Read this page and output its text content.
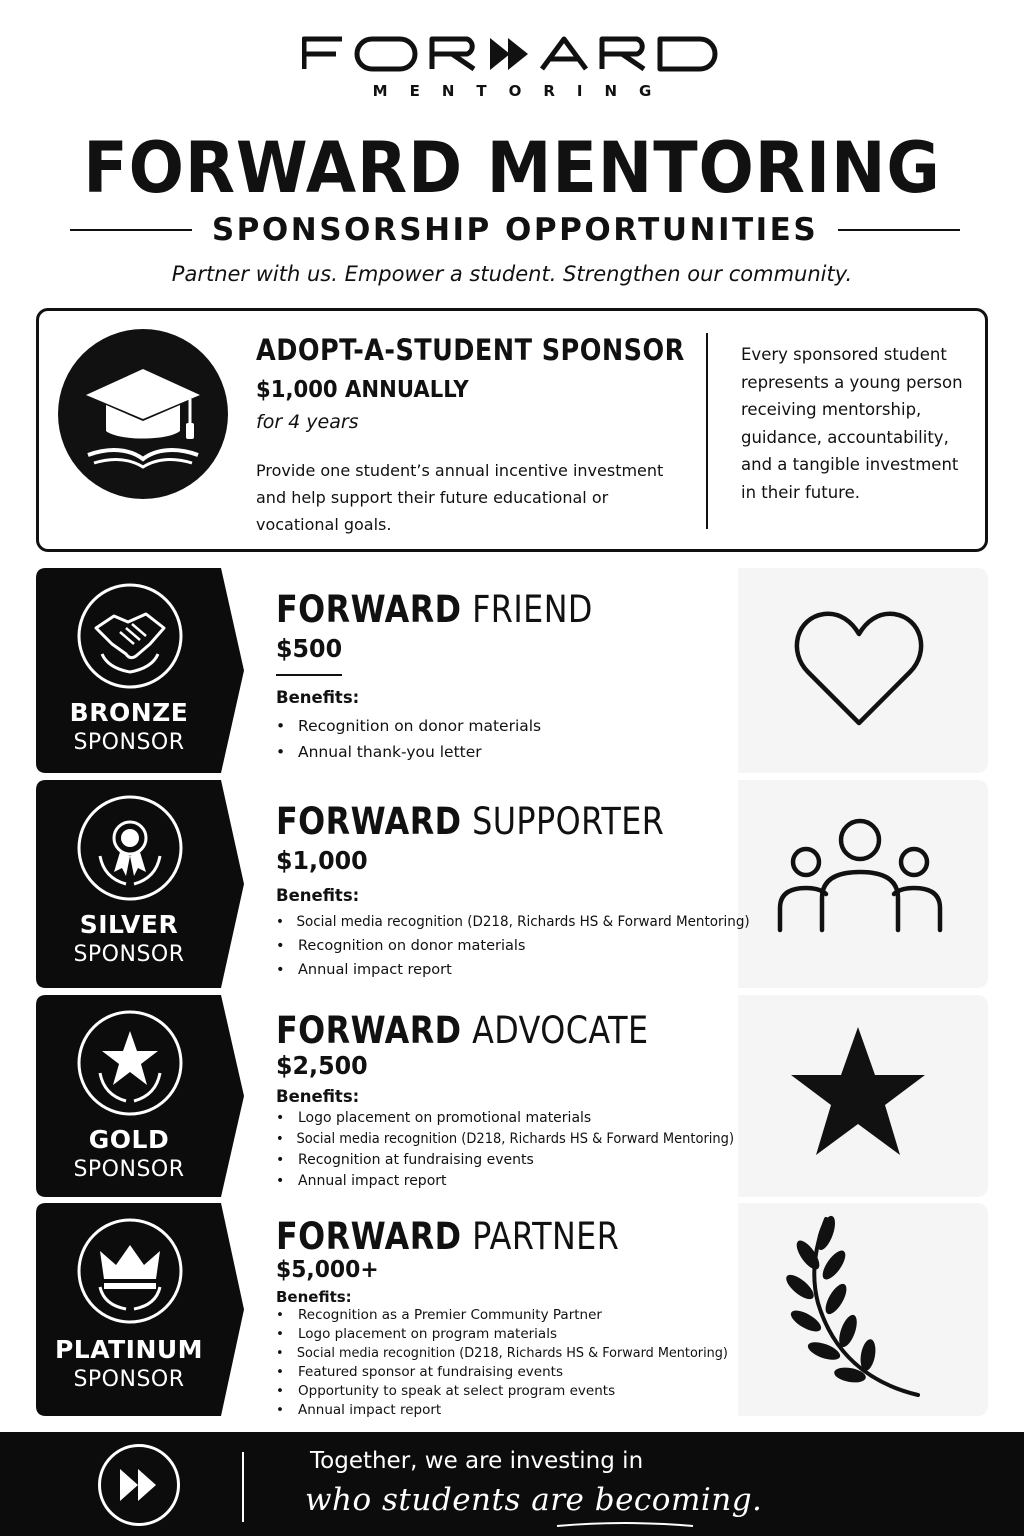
MENTORING
FORWARD MENTORING
SPONSORSHIP OPPORTUNITIES
Partner with us. Empower a student. Strengthen our community.
ADOPT-A-STUDENT SPONSOR
$1,000 ANNUALLY
for 4 years
Provide one student’s annual incentive investment and help support their future educational or vocational goals.
Every sponsored student represents a young person receiving mentorship, guidance, accountability, and a tangible investment in their future.
BRONZE
SPONSOR
FORWARD FRIEND
$500
Benefits:
• Recognition on donor materials
• Annual thank-you letter
SILVER
SPONSOR
FORWARD SUPPORTER
$1,000
Benefits:
• Social media recognition (D218, Richards HS & Forward Mentoring)
• Recognition on donor materials
• Annual impact report
GOLD
SPONSOR
FORWARD ADVOCATE
$2,500
Benefits:
• Logo placement on promotional materials
• Social media recognition (D218, Richards HS & Forward Mentoring)
• Recognition at fundraising events
• Annual impact report
PLATINUM
SPONSOR
FORWARD PARTNER
$5,000+
Benefits:
• Recognition as a Premier Community Partner
• Logo placement on program materials
• Social media recognition (D218, Richards HS & Forward Mentoring)
• Featured sponsor at fundraising events
• Opportunity to speak at select program events
• Annual impact report
Together, we are investing in
who students are becoming.
